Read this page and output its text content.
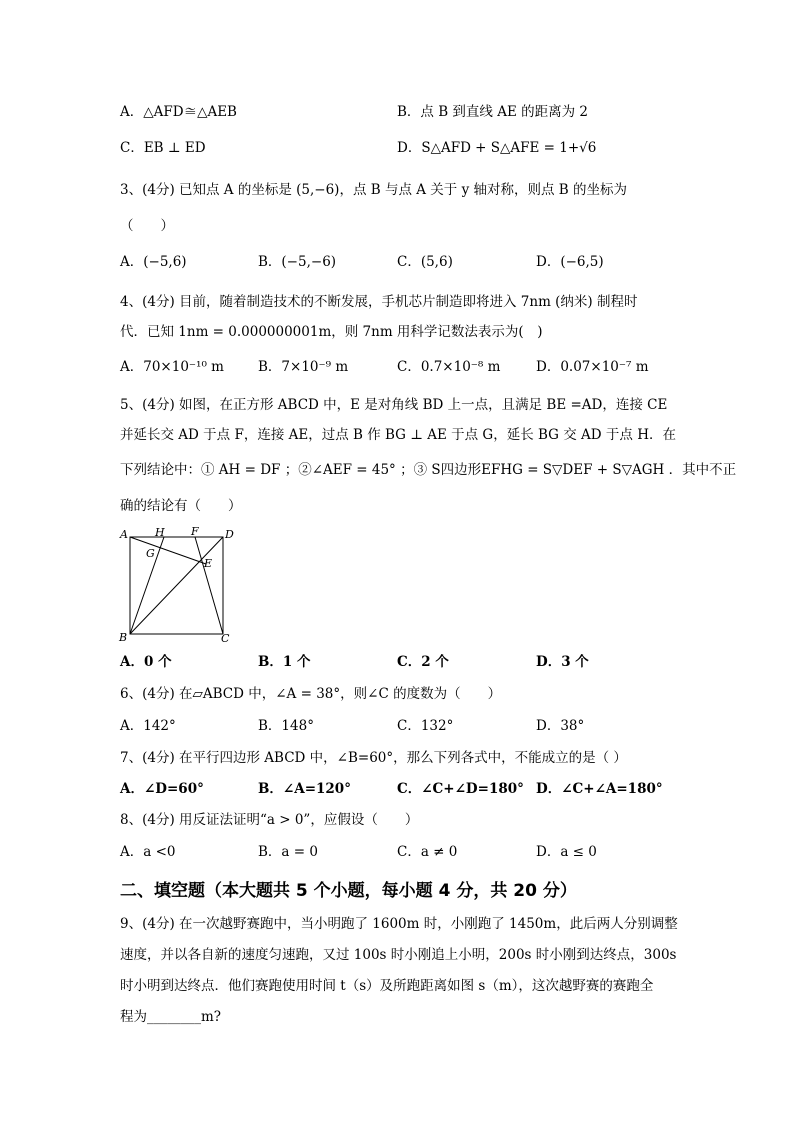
A．△AFD≅△AEB	B．点 B 到直线 AE 的距离为 2
C．EB ⊥ ED	D．S△AFD + S△AFE = 1+√6
3、(4分) 已知点 A 的坐标是 (5,−6)，点 B 与点 A 关于 y 轴对称，则点 B 的坐标为
（　　）
A．(−5,6)	B．(−5,−6)	C．(5,6)	D．(−6,5)
4、(4分) 目前，随着制造技术的不断发展，手机芯片制造即将进入 7nm (纳米) 制程时
代．已知 1nm = 0.000000001m，则 7nm 用科学记数法表示为(　)
A．70×10⁻¹⁰ m	B．7×10⁻⁹ m	C．0.7×10⁻⁸ m	D．0.07×10⁻⁷ m
5、(4分) 如图，在正方形 ABCD 中，E 是对角线 BD 上一点，且满足 BE =AD，连接 CE
并延长交 AD 于点 F，连接 AE，过点 B 作 BG ⊥ AE 于点 G，延长 BG 交 AD 于点 H．在
下列结论中：① AH = DF ；②∠AEF = 45° ；③ S四边形EFHG = S▽DEF + S▽AGH ．其中不正
确的结论有（　　）
A H F D
G
E
B	C
A．0 个	B．1 个	C．2 个	D．3 个
6、(4分) 在▱ABCD 中，∠A = 38°，则∠C 的度数为（　　）
A．142°	B．148°	C．132°	D．38°
7、(4分) 在平行四边形 ABCD 中，∠B=60°，那么下列各式中，不能成立的是（ ）
A．∠D=60°	B．∠A=120°	C．∠C+∠D=180° D．∠C+∠A=180°
8、(4分) 用反证法证明“a > 0”，应假设（　　）
A．a <0	B．a = 0	C．a ≠ 0	D．a ≤ 0
二、填空题（本大题共 5 个小题，每小题 4 分，共 20 分）
9、(4分) 在一次越野赛跑中，当小明跑了 1600m 时，小刚跑了 1450m，此后两人分别调整
速度，并以各自新的速度匀速跑，又过 100s 时小刚追上小明，200s 时小刚到达终点，300s
时小明到达终点．他们赛跑使用时间 t（s）及所跑距离如图 s（m），这次越野赛的赛跑全
程为________m?
